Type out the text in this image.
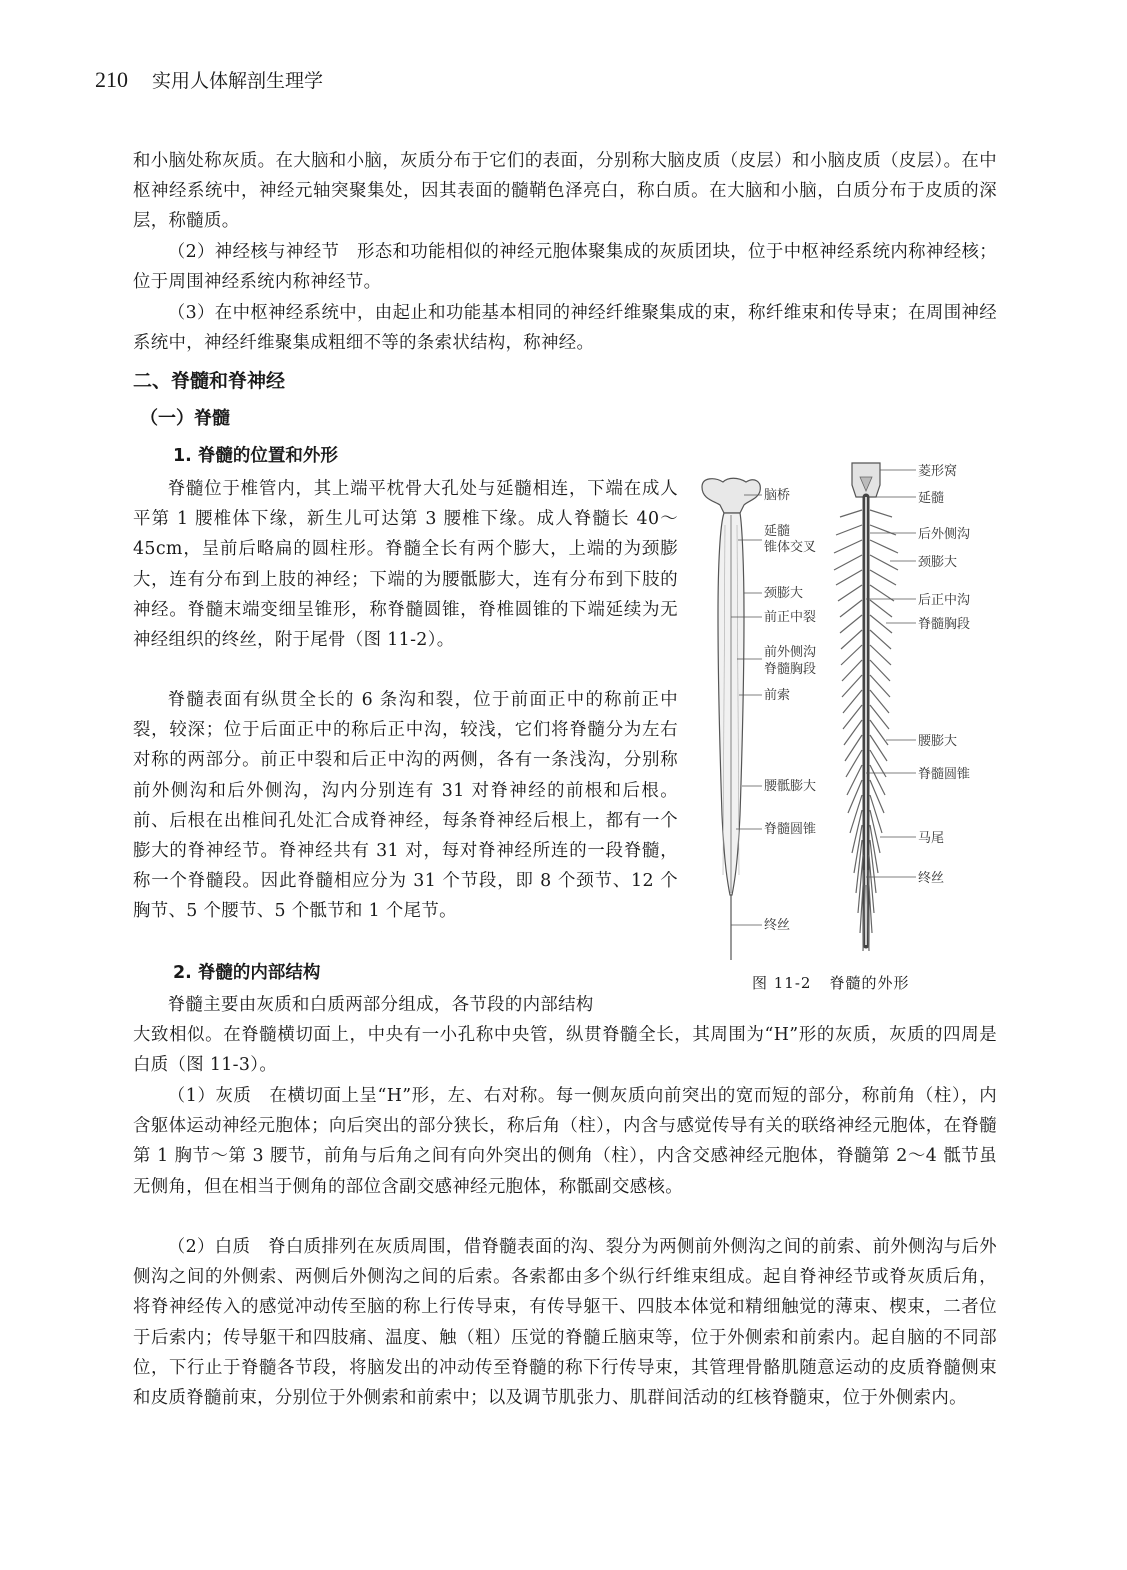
210 实用人体解剖生理学

和小脑处称灰质。在大脑和小脑，灰质分布于它们的表面，分别称大脑皮质（皮层）和小脑皮质（皮层）。在中枢神经系统中，神经元轴突聚集处，因其表面的髓鞘色泽亮白，称白质。在大脑和小脑，白质分布于皮质的深层，称髓质。

（2）神经核与神经节　形态和功能相似的神经元胞体聚集成的灰质团块，位于中枢神经系统内称神经核；位于周围神经系统内称神经节。

（3）在中枢神经系统中，由起止和功能基本相同的神经纤维聚集成的束，称纤维束和传导束；在周围神经系统中，神经纤维聚集成粗细不等的条索状结构，称神经。

二、脊髓和脊神经
（一）脊髓
1. 脊髓的位置和外形

脊髓位于椎管内，其上端平枕骨大孔处与延髓相连，下端在成人平第 1 腰椎体下缘，新生儿可达第 3 腰椎下缘。成人脊髓长 40～45cm，呈前后略扁的圆柱形。脊髓全长有两个膨大，上端的为颈膨大，连有分布到上肢的神经；下端的为腰骶膨大，连有分布到下肢的神经。脊髓末端变细呈锥形，称脊髓圆锥，脊椎圆锥的下端延续为无神经组织的终丝，附于尾骨（图 11-2）。

脊髓表面有纵贯全长的 6 条沟和裂，位于前面正中的称前正中裂，较深；位于后面正中的称后正中沟，较浅，它们将脊髓分为左右对称的两部分。前正中裂和后正中沟的两侧，各有一条浅沟，分别称前外侧沟和后外侧沟，沟内分别连有 31 对脊神经的前根和后根。前、后根在出椎间孔处汇合成脊神经，每条脊神经后根上，都有一个膨大的脊神经节。脊神经共有 31 对，每对脊神经所连的一段脊髓，称一个脊髓段。因此脊髓相应分为 31 个节段，即 8 个颈节、12 个胸节、5 个腰节、5 个骶节和 1 个尾节。

2. 脊髓的内部结构

脊髓主要由灰质和白质两部分组成，各节段的内部结构

大致相似。在脊髓横切面上，中央有一小孔称中央管，纵贯脊髓全长，其周围为“H”形的灰质，灰质的四周是白质（图 11-3）。

（1）灰质　在横切面上呈“H”形，左、右对称。每一侧灰质向前突出的宽而短的部分，称前角（柱），内含躯体运动神经元胞体；向后突出的部分狭长，称后角（柱），内含与感觉传导有关的联络神经元胞体，在脊髓第 1 胸节～第 3 腰节，前角与后角之间有向外突出的侧角（柱），内含交感神经元胞体，脊髓第 2～4 骶节虽无侧角，但在相当于侧角的部位含副交感神经元胞体，称骶副交感核。

（2）白质　脊白质排列在灰质周围，借脊髓表面的沟、裂分为两侧前外侧沟之间的前索、前外侧沟与后外侧沟之间的外侧索、两侧后外侧沟之间的后索。各索都由多个纵行纤维束组成。起自脊神经节或脊灰质后角，将脊神经传入的感觉冲动传至脑的称上行传导束，有传导躯干、四肢本体觉和精细触觉的薄束、楔束，二者位于后索内；传导躯干和四肢痛、温度、触（粗）压觉的脊髓丘脑束等，位于外侧索和前索内。起自脑的不同部位，下行止于脊髓各节段，将脑发出的冲动传至脊髓的称下行传导束，其管理骨骼肌随意运动的皮质脊髓侧束和皮质脊髓前束，分别位于外侧索和前索中；以及调节肌张力、肌群间活动的红核脊髓束，位于外侧索内。

脑桥
延髓
锥体交叉
颈膨大
前正中裂
前外侧沟
脊髓胸段
前索
腰骶膨大
脊髓圆锥
终丝
菱形窝
延髓
后外侧沟
颈膨大
后正中沟
脊髓胸段
腰膨大
脊髓圆锥
马尾
终丝
图 11-2 脊髓的外形
